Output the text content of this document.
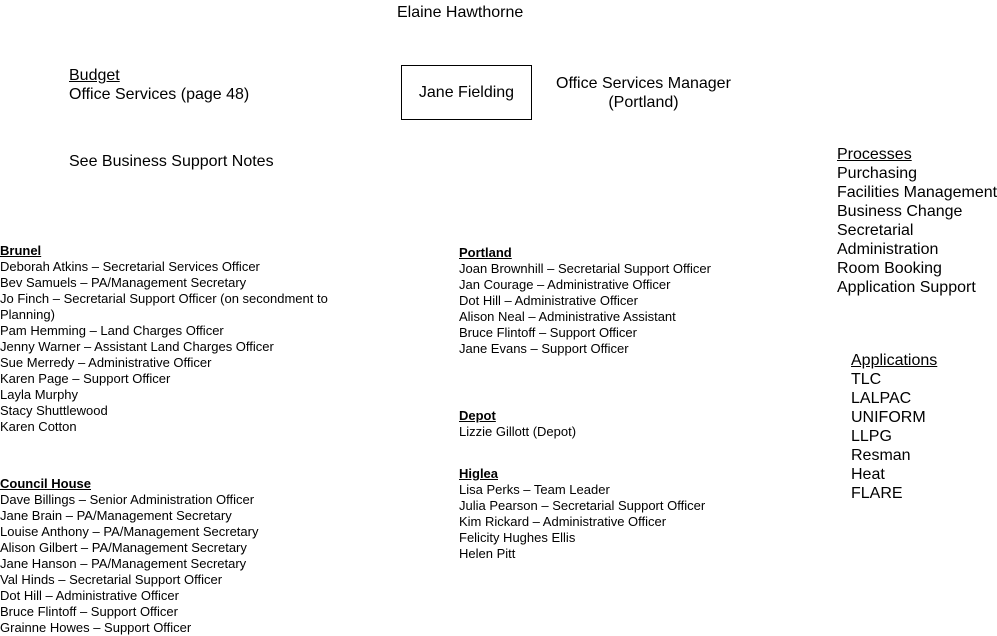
Elaine Hawthorne
Budget
Office Services (page 48)	Jane Fielding
Office Services Manager
(Portland)
See Business Support Notes	Processes
Purchasing
Facilities Management
Business Change
Secretarial
Administration
Room Booking
Application Support
Applications
TLC
LALPAC
UNIFORM
LLPG
Resman
Heat
FLARE
Brunel
Deborah Atkins – Secretarial Services Officer
Bev Samuels – PA/Management Secretary
Jo Finch – Secretarial Support Officer (on secondment to
Planning)
Pam Hemming – Land Charges Officer
Jenny Warner – Assistant Land Charges Officer
Sue Merredy – Administrative Officer
Karen Page – Support Officer
Layla Murphy
Stacy Shuttlewood
Karen Cotton
Council House
Dave Billings – Senior Administration Officer
Jane Brain – PA/Management Secretary
Louise Anthony – PA/Management Secretary
Alison Gilbert – PA/Management Secretary
Jane Hanson – PA/Management Secretary
Val Hinds – Secretarial Support Officer
Dot Hill – Administrative Officer
Bruce Flintoff – Support Officer
Grainne Howes – Support Officer
Portland
Joan Brownhill – Secretarial Support Officer
Jan Courage – Administrative Officer
Dot Hill – Administrative Officer
Alison Neal – Administrative Assistant
Bruce Flintoff – Support Officer
Jane Evans – Support Officer
Depot
Lizzie Gillott (Depot)
Higlea
Lisa Perks – Team Leader
Julia Pearson – Secretarial Support Officer
Kim Rickard – Administrative Officer
Felicity Hughes Ellis
Helen Pitt
